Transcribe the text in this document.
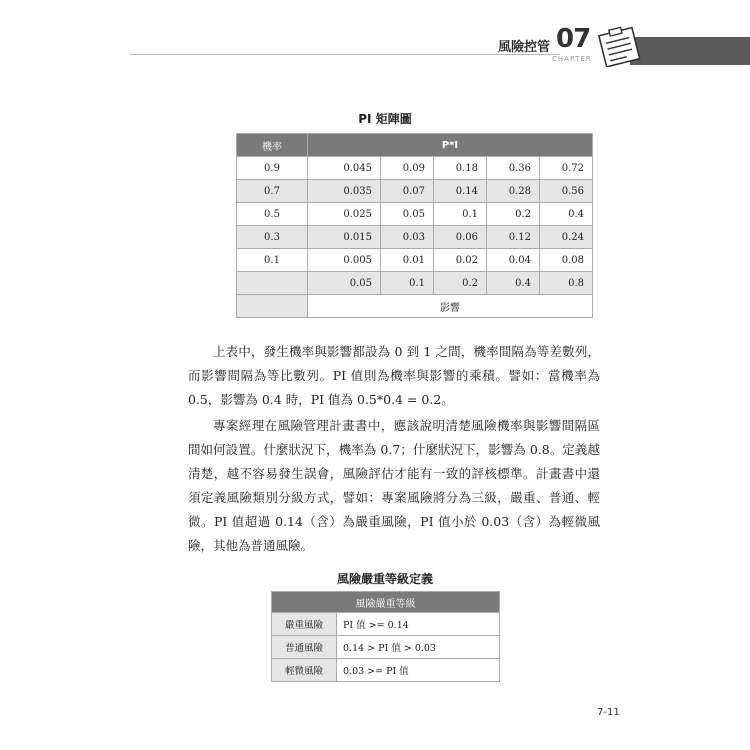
風險控管 07
CHAPTER
PI 矩陣圖
機率	P*I				
0.9	0.045	0.09	0.18	0.36	0.72
0.7	0.035	0.07	0.14	0.28	0.56
0.5	0.025	0.05	0.1	0.2	0.4
0.3	0.015	0.03	0.06	0.12	0.24
0.1	0.005	0.01	0.02	0.04	0.08
	0.05	0.1	0.2	0.4	0.8
	影響				
上表中，發生機率與影響都設為 0 到 1 之間，機率間隔為等差數列，而影響間隔為等比數列。PI 值則為機率與影響的乘積。譬如：當機率為 0.5，影響為 0.4 時，PI 值為 0.5*0.4 = 0.2。
專案經理在風險管理計畫書中，應該說明清楚風險機率與影響間隔區間如何設置。什麼狀況下，機率為 0.7；什麼狀況下，影響為 0.8。定義越清楚，越不容易發生誤會，風險評估才能有一致的評核標準。計畫書中還須定義風險類別分級方式，譬如：專案風險將分為三級，嚴重、普通、輕微。PI 值超過 0.14（含）為嚴重風險，PI 值小於 0.03（含）為輕微風險，其他為普通風險。
風險嚴重等級定義
風險嚴重等級	
嚴重風險	PI 值 >= 0.14
普通風險	0.14 > PI 值 > 0.03
輕微風險	0.03 >= PI 值
7-11
